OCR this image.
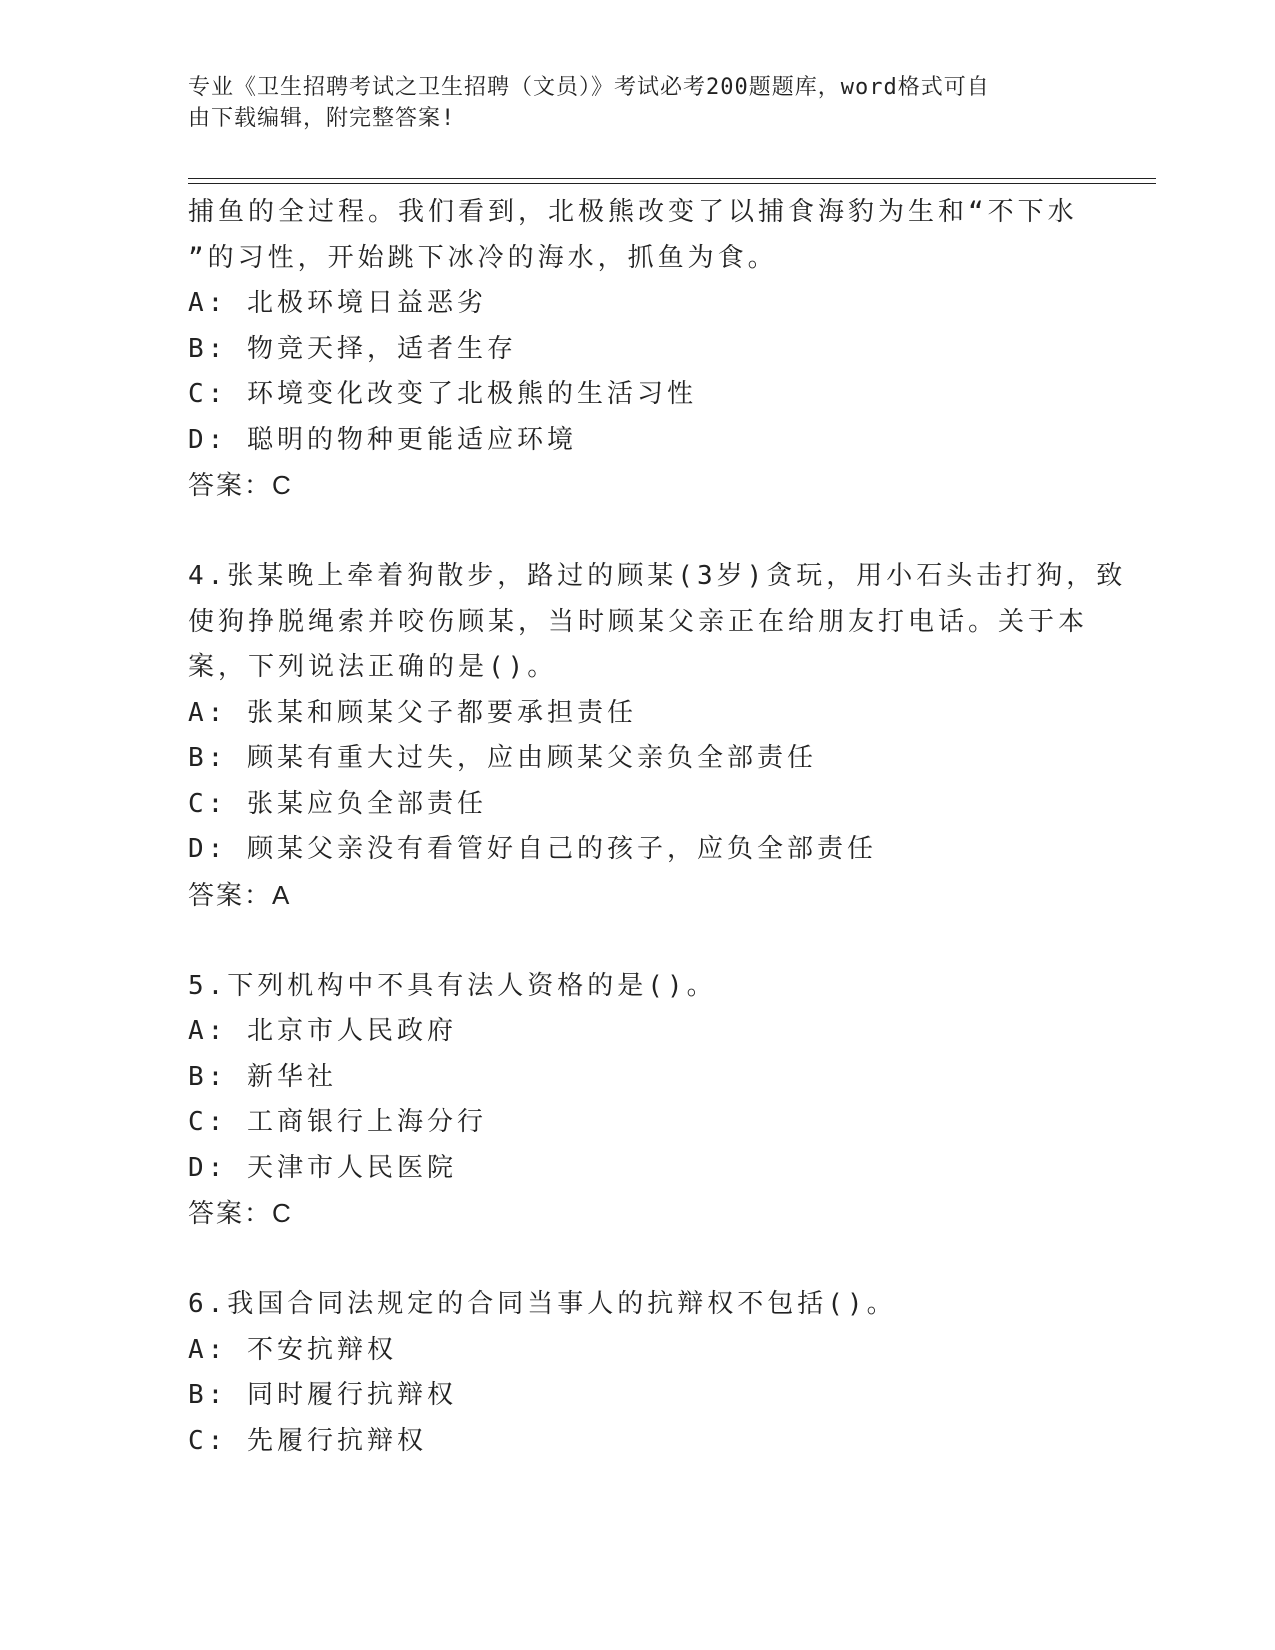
专业《卫生招聘考试之卫生招聘（文员）》考试必考200题题库，word格式可自
由下载编辑，附完整答案!
捕鱼的全过程。我们看到，北极熊改变了以捕食海豹为生和“不下水
”的习性，开始跳下冰冷的海水，抓鱼为食。
A: 北极环境日益恶劣
B: 物竞天择，适者生存
C: 环境变化改变了北极熊的生活习性
D: 聪明的物种更能适应环境
答案：C
4.张某晚上牵着狗散步，路过的顾某(3岁)贪玩，用小石头击打狗，致
使狗挣脱绳索并咬伤顾某，当时顾某父亲正在给朋友打电话。关于本
案，下列说法正确的是()。
A: 张某和顾某父子都要承担责任
B: 顾某有重大过失，应由顾某父亲负全部责任
C: 张某应负全部责任
D: 顾某父亲没有看管好自己的孩子，应负全部责任
答案：A
5.下列机构中不具有法人资格的是()。
A: 北京市人民政府
B: 新华社
C: 工商银行上海分行
D: 天津市人民医院
答案：C
6.我国合同法规定的合同当事人的抗辩权不包括()。
A: 不安抗辩权
B: 同时履行抗辩权
C: 先履行抗辩权
